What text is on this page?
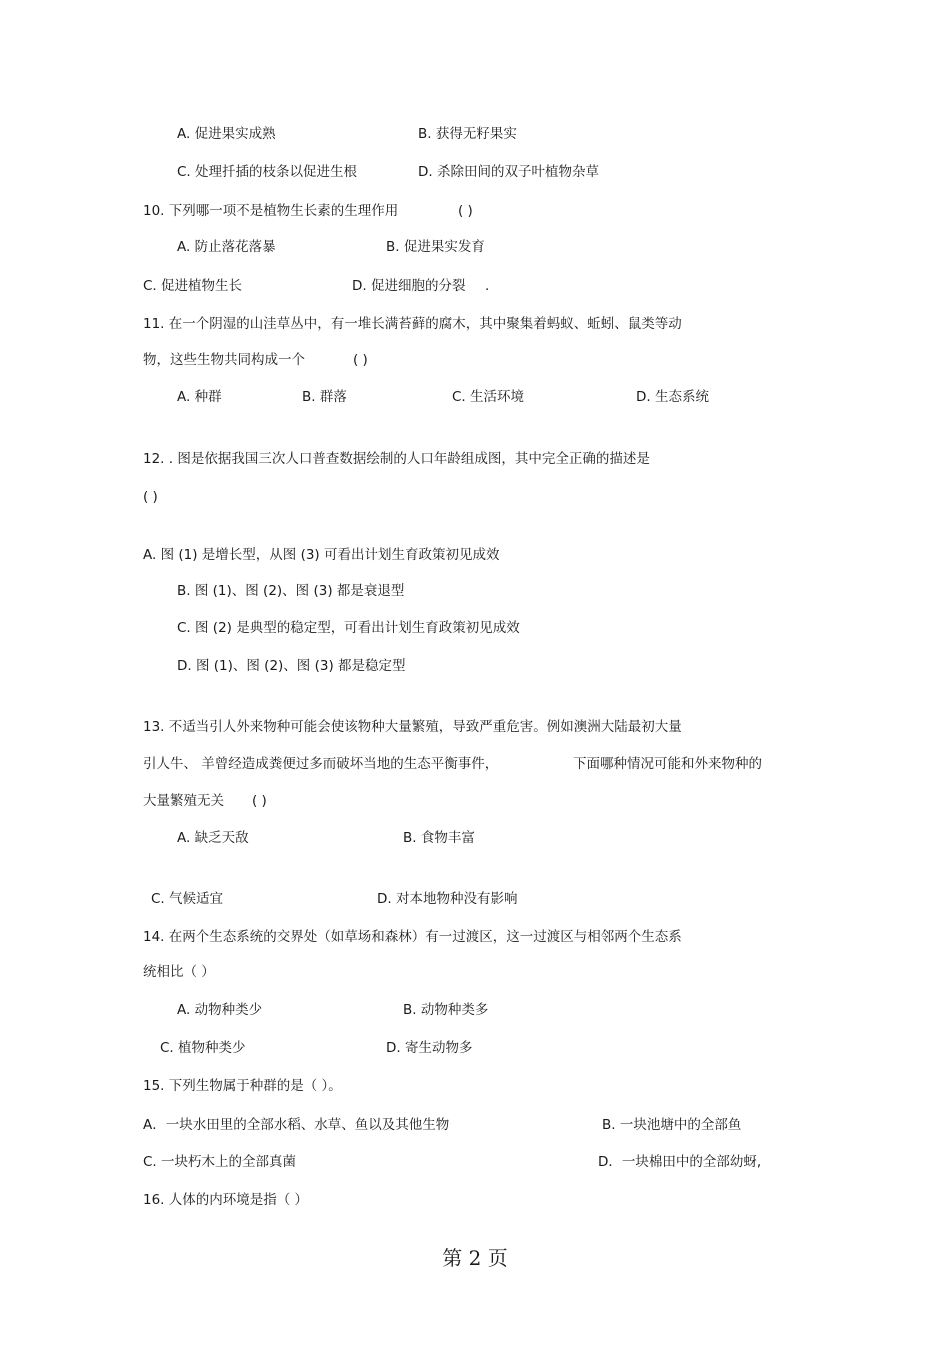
A. 促进果实成熟	B. 获得无籽果实
C. 处理扦插的枝条以促进生根	D. 杀除田间的双子叶植物杂草
10. 下列哪一项不是植物生长素的生理作用	( )
A. 防止落花落暴	B. 促进果实发育
C. 促进植物生长	D. 促进细胞的分裂 .
11. 在一个阴湿的山洼草丛中，有一堆长满苔藓的腐木，其中聚集着蚂蚁、蚯蚓、鼠类等动
物，这些生物共同构成一个	( )
A. 种群	B. 群落	C. 生活环境	D. 生态系统
12. . 图是依据我国三次人口普查数据绘制的人口年龄组成图，其中完全正确的描述是
( )
A. 图 (1) 是增长型，从图 (3) 可看出计划生育政策初见成效
B. 图 (1)、图 (2)、图 (3) 都是衰退型
C. 图 (2) 是典型的稳定型，可看出计划生育政策初见成效
D. 图 (1)、图 (2)、图 (3) 都是稳定型
13. 不适当引人外来物种可能会使该物种大量繁殖，导致严重危害。例如澳洲大陆最初大量
引人牛、 羊曾经造成粪便过多而破坏当地的生态平衡事件，	下面哪种情况可能和外来物种的
大量繁殖无关 ( )
A. 缺乏天敌	B. 食物丰富
C. 气候适宜	D. 对本地物种没有影响
14. 在两个生态系统的交界处（如草场和森林）有一过渡区，这一过渡区与相邻两个生态系
统相比（ ）
A. 动物种类少	B. 动物种类多
C. 植物种类少	D. 寄生动物多
15. 下列生物属于种群的是（ ）。
A．一块水田里的全部水稻、水草、鱼以及其他生物	B. 一块池塘中的全部鱼
C. 一块朽木上的全部真菌	D．一块棉田中的全部幼蚜,
16. 人体的内环境是指（ ）
第 2 页
